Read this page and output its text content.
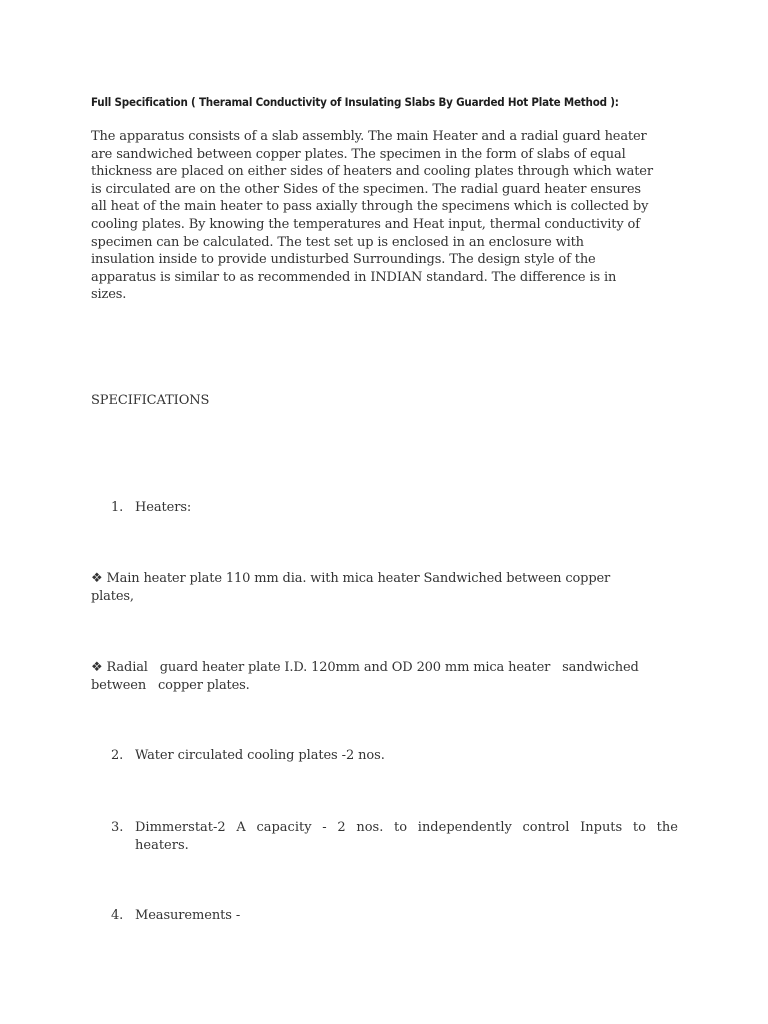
Full Specification ( Theramal Conductivity of Insulating Slabs By Guarded Hot Plate Method ):
The apparatus consists of a slab assembly. The main Heater and a radial guard heater
are sandwiched between copper plates. The specimen in the form of slabs of equal
thickness are placed on either sides of heaters and cooling plates through which water
is circulated are on the other Sides of the specimen. The radial guard heater ensures
all heat of the main heater to pass axially through the specimens which is collected by
cooling plates. By knowing the temperatures and Heat input, thermal conductivity of
specimen can be calculated. The test set up is enclosed in an enclosure with
insulation inside to provide undisturbed Surroundings. The design style of the
apparatus is similar to as recommended in INDIAN standard. The difference is in
sizes.
SPECIFICATIONS
1. Heaters:
❖ Main heater plate 110 mm dia. with mica heater Sandwiched between copper
plates,
❖ Radial   guard heater plate I.D. 120mm and OD 200 mm mica heater   sandwiched
between   copper plates.
2. Water circulated cooling plates -2 nos.
3. Dimmerstat-2 A capacity - 2 nos. to independently control Inputs to the
heaters.
4. Measurements -
